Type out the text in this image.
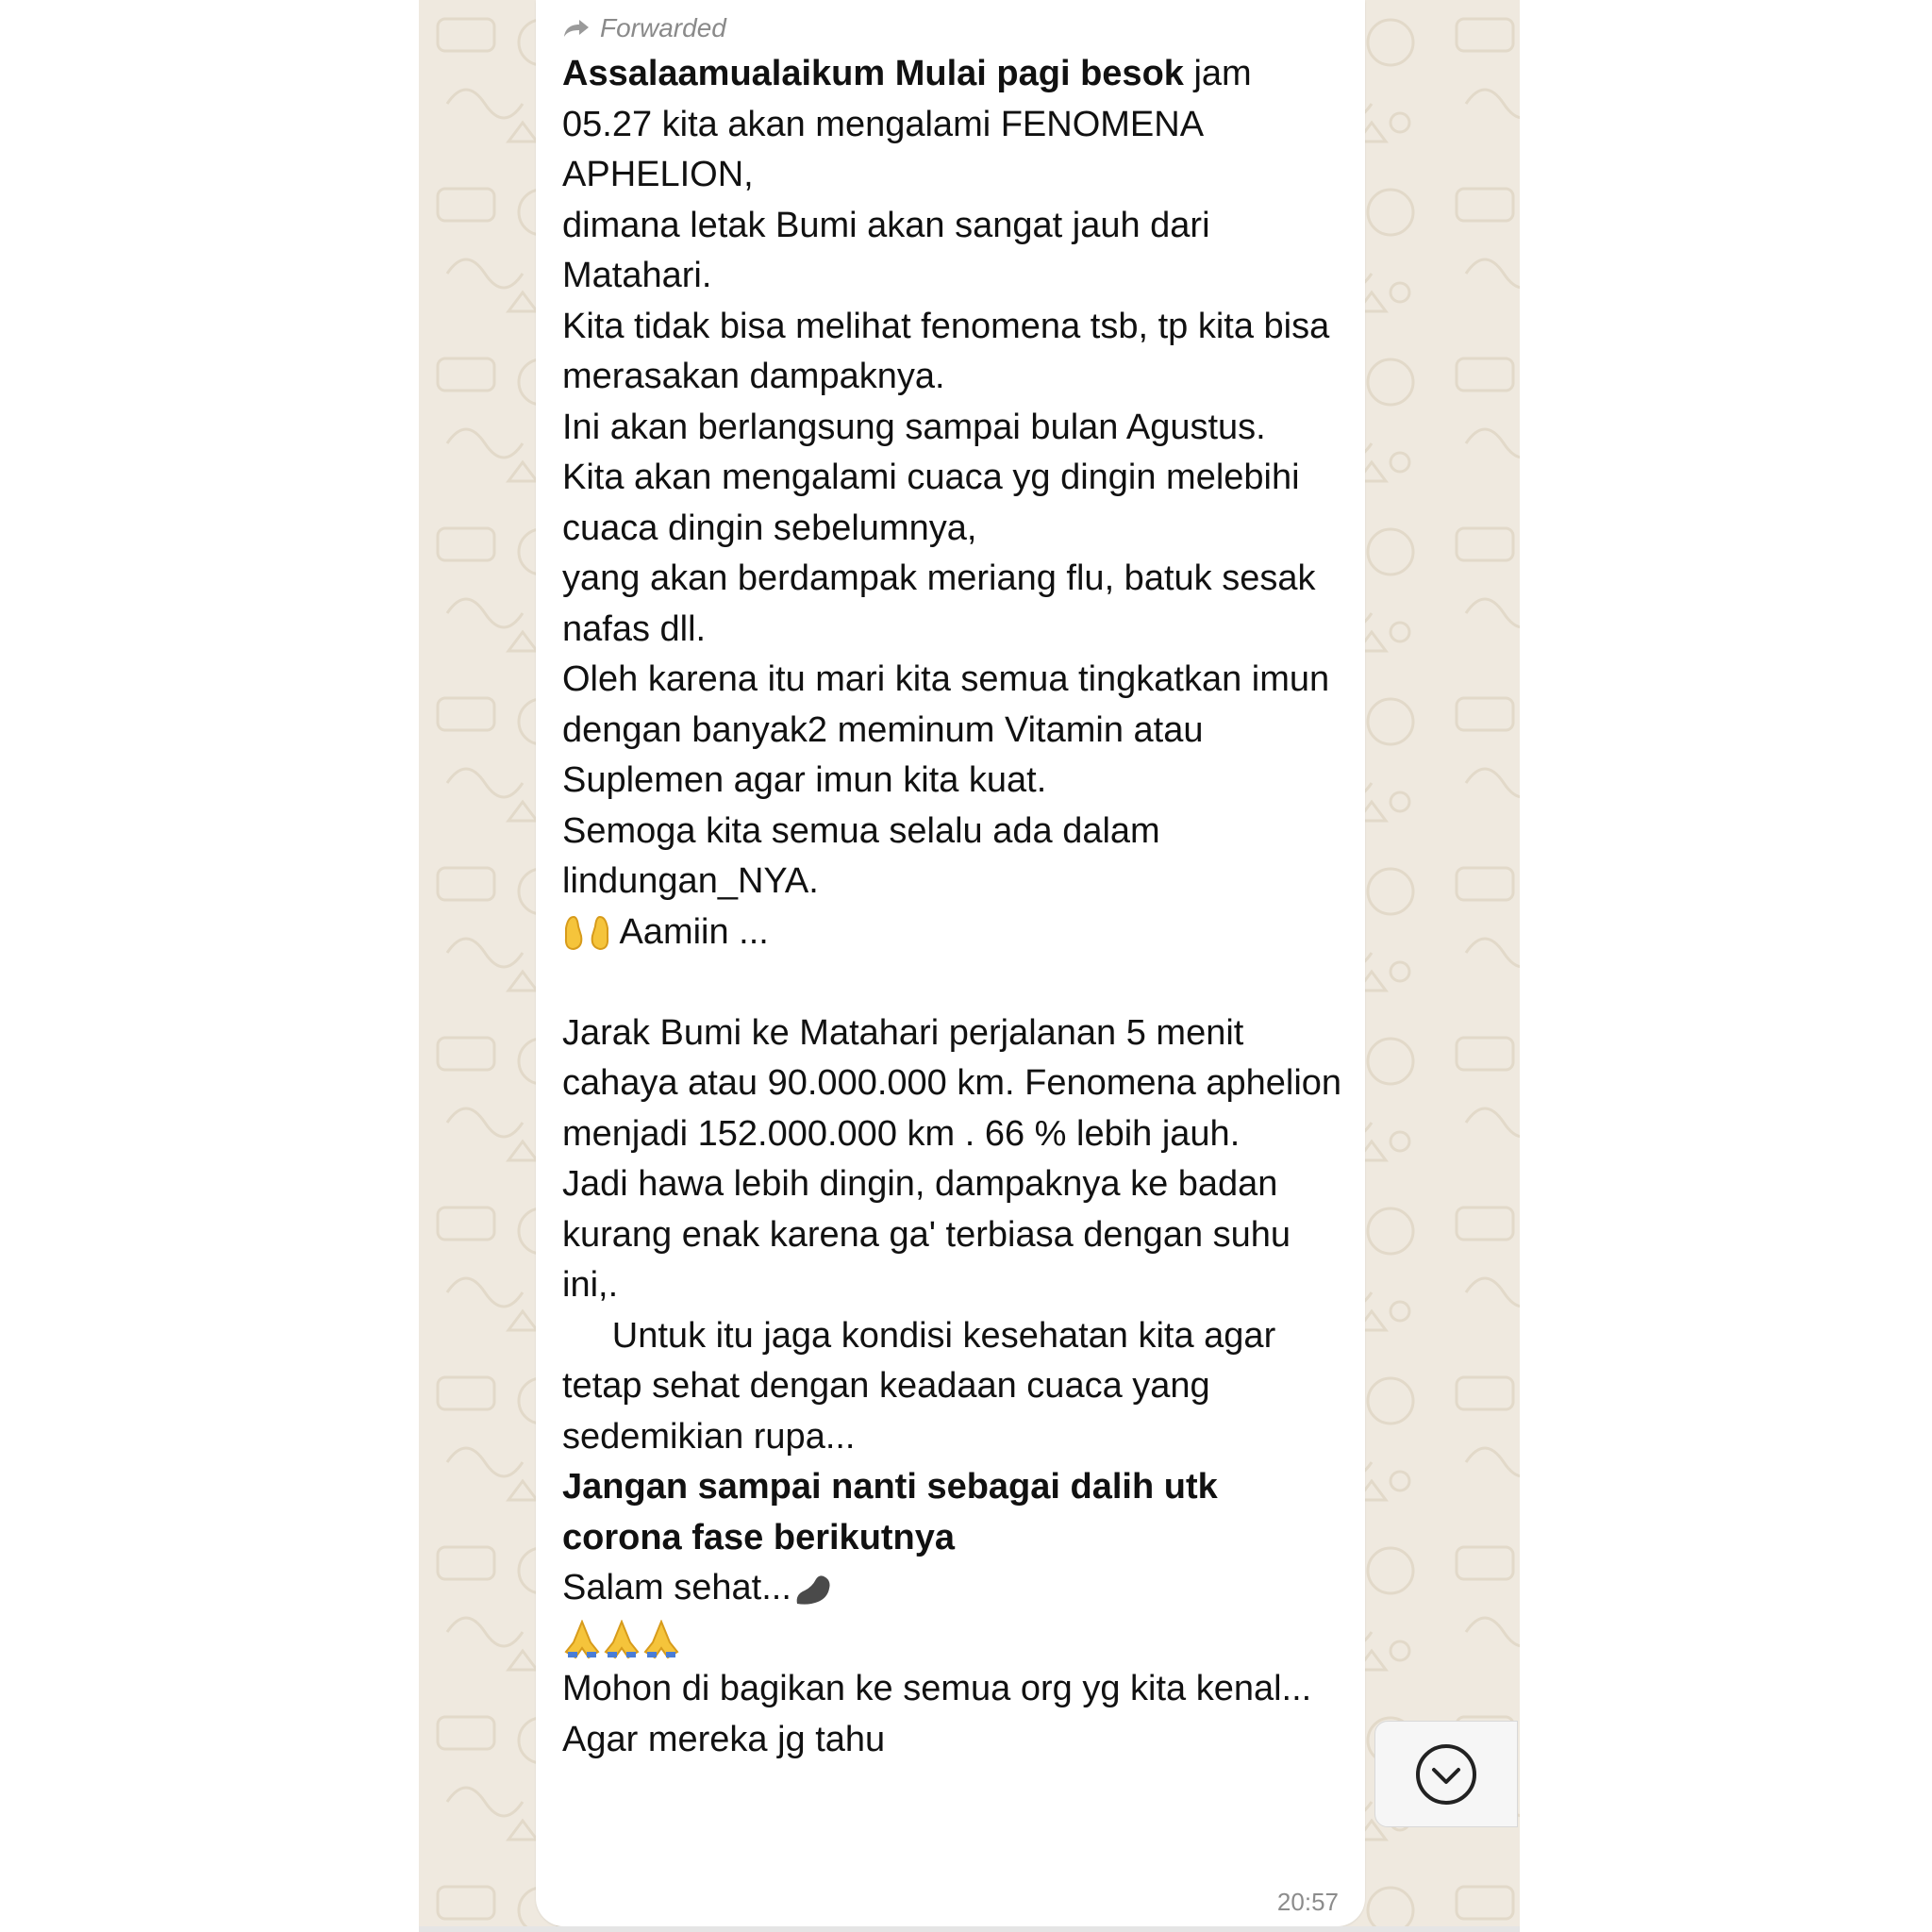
Forwarded

Assalaamualaikum Mulai pagi besok jam 05.27 kita akan mengalami FENOMENA APHELION,

dimana letak Bumi akan sangat jauh dari Matahari.

Kita tidak bisa melihat fenomena tsb, tp kita bisa merasakan dampaknya.

Ini akan berlangsung sampai bulan Agustus.

Kita akan mengalami cuaca yg dingin melebihi cuaca dingin sebelumnya,

yang akan berdampak meriang flu, batuk sesak nafas dll.

Oleh karena itu mari kita semua tingkatkan imun dengan banyak2 meminum Vitamin atau Suplemen agar imun kita kuat.

Semoga kita semua selalu ada dalam lindungan_NYA.

Aamiin ...

Jarak Bumi ke Matahari perjalanan 5 menit cahaya atau 90.000.000 km. Fenomena aphelion menjadi 152.000.000 km . 66 % lebih jauh.

Jadi hawa lebih dingin, dampaknya ke badan kurang enak karena ga' terbiasa dengan suhu ini,.

Untuk itu jaga kondisi kesehatan kita agar tetap sehat dengan keadaan cuaca yang sedemikian rupa...

Jangan sampai nanti sebagai dalih utk corona fase berikutnya

Salam sehat...

Mohon di bagikan ke semua org yg kita kenal...

Agar mereka jg tahu

20:57
